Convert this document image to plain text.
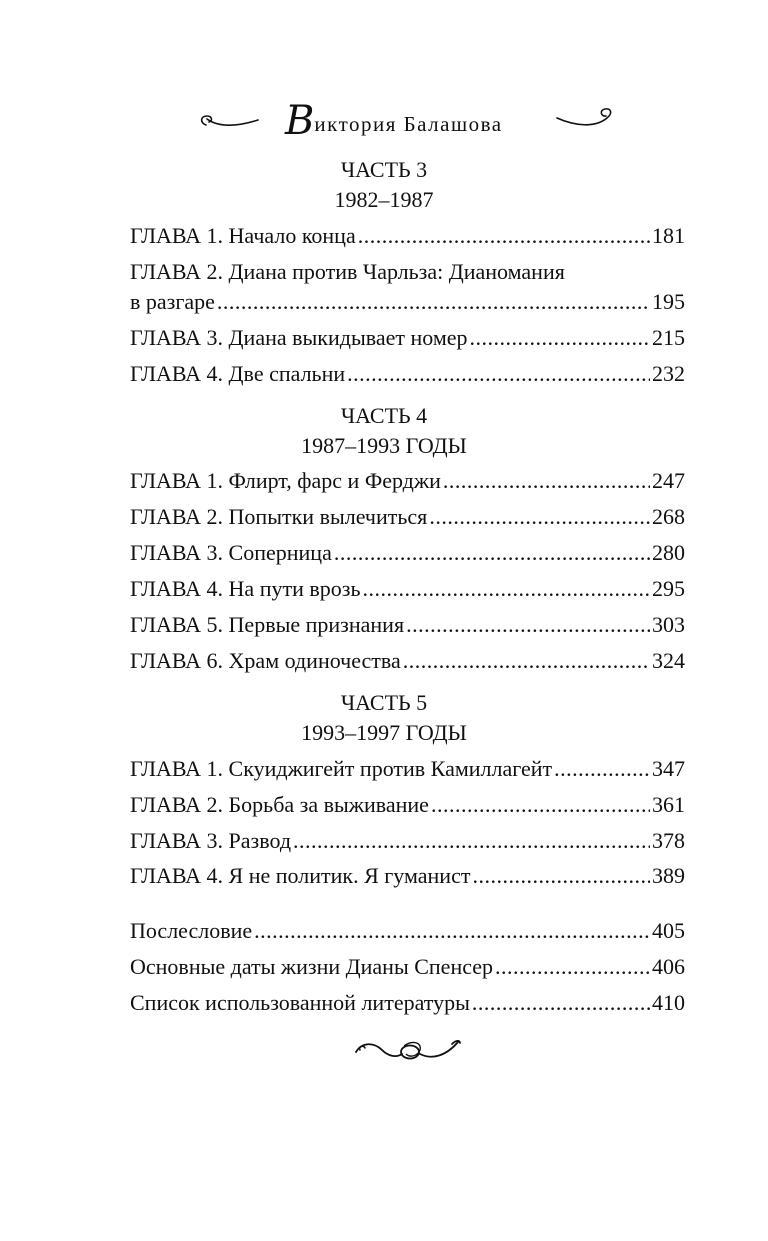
Виктория Балашова
ЧАСТЬ 3
1982–1987
ГЛАВА 1. Начало конца .....	181
ГЛАВА 2. Диана против Чарльза: Дианомания
в разгаре .....	195
ГЛАВА 3. Диана выкидывает номер .....	215
ГЛАВА 4. Две спальни .....	232
ЧАСТЬ 4
1987–1993 ГОДЫ
ГЛАВА 1. Флирт, фарс и Ферджи .....	247
ГЛАВА 2. Попытки вылечиться .....	268
ГЛАВА 3. Соперница .....	280
ГЛАВА 4. На пути врозь .....	295
ГЛАВА 5. Первые признания .....	303
ГЛАВА 6. Храм одиночества .....	324
ЧАСТЬ 5
1993–1997 ГОДЫ
ГЛАВА 1. Скуиджигейт против Камиллагейт .....	347
ГЛАВА 2. Борьба за выживание .....	361
ГЛАВА 3. Развод .....	378
ГЛАВА 4. Я не политик. Я гуманист .....	389
Послесловие .....	405
Основные даты жизни Дианы Спенсер .....	406
Список использованной литературы .....	410
